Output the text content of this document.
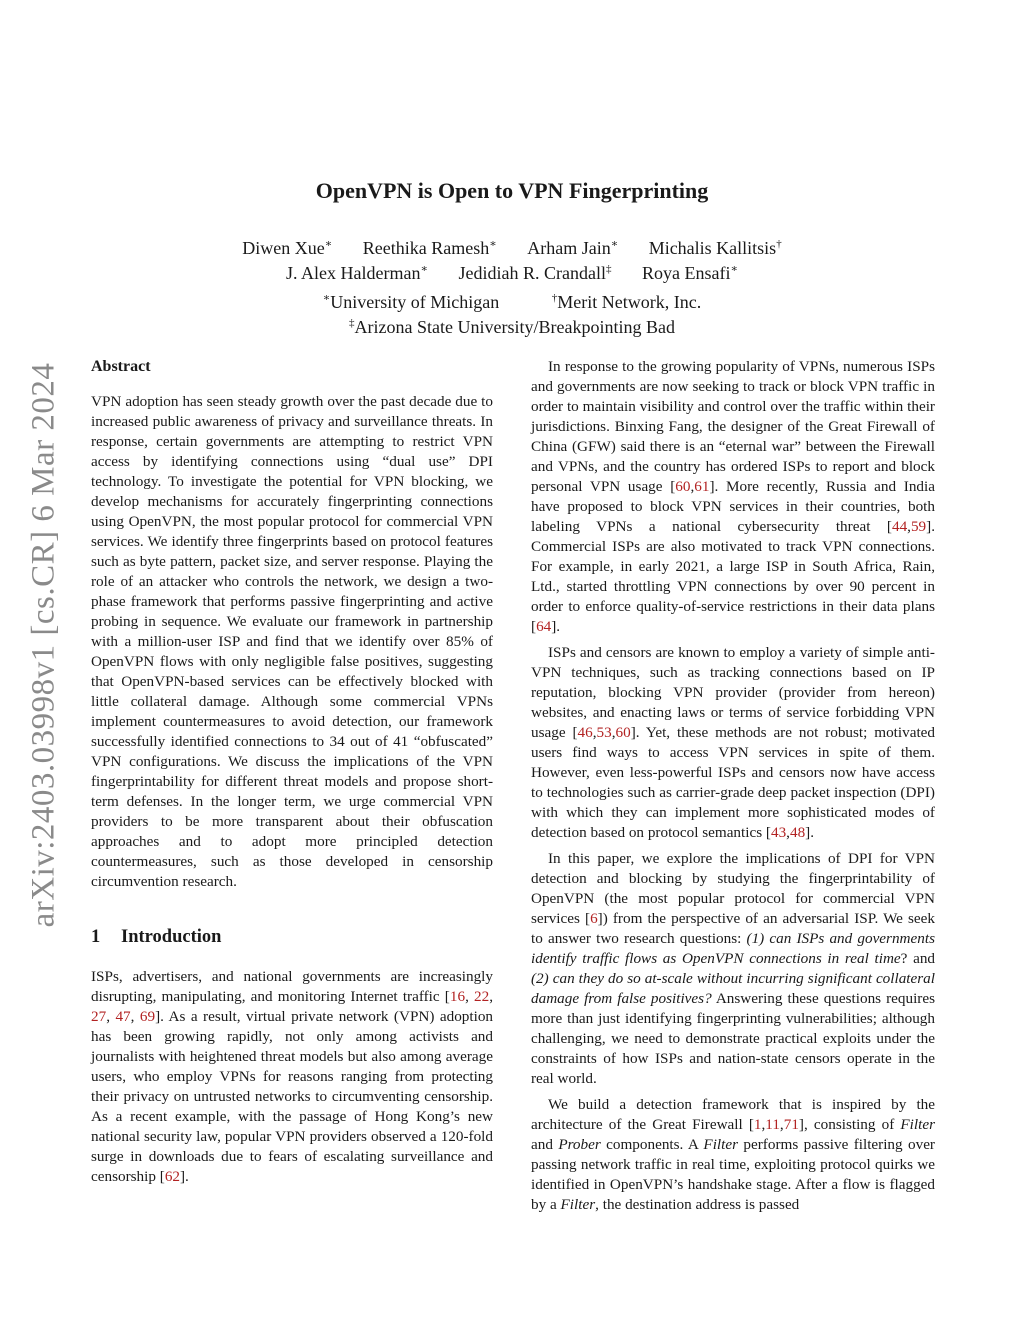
arXiv:2403.03998v1 [cs.CR] 6 Mar 2024
OpenVPN is Open to VPN Fingerprinting
Diwen Xue∗ Reethika Ramesh∗ Arham Jain∗ Michalis Kallitsis†
J. Alex Halderman∗ Jedidiah R. Crandall‡ Roya Ensafi∗
∗University of Michigan	†Merit Network, Inc.
‡Arizona State University/Breakpointing Bad
Abstract

VPN adoption has seen steady growth over the past decade due to increased public awareness of privacy and surveillance threats. In response, certain governments are attempting to restrict VPN access by identifying connections using “dual use” DPI technology. To investigate the potential for VPN blocking, we develop mechanisms for accurately fingerprinting connections using OpenVPN, the most popular protocol for commercial VPN services. We identify three fingerprints based on protocol features such as byte pattern, packet size, and server response. Playing the role of an attacker who controls the network, we design a two-phase framework that performs passive fingerprinting and active probing in sequence. We evaluate our framework in partnership with a million-user ISP and find that we identify over 85% of OpenVPN flows with only negligible false positives, suggesting that OpenVPN-based services can be effectively blocked with little collateral damage. Although some commercial VPNs implement countermeasures to avoid detection, our framework successfully identified connections to 34 out of 41 “obfuscated” VPN configurations. We discuss the implications of the VPN fingerprintability for different threat models and propose short-term defenses. In the longer term, we urge commercial VPN providers to be more transparent about their obfuscation approaches and to adopt more principled detection countermeasures, such as those developed in censorship circumvention research.

1 Introduction

ISPs, advertisers, and national governments are increasingly disrupting, manipulating, and monitoring Internet traffic [16, 22, 27, 47, 69]. As a result, virtual private network (VPN) adoption has been growing rapidly, not only among activists and journalists with heightened threat models but also among average users, who employ VPNs for reasons ranging from protecting their privacy on untrusted networks to circumventing censorship. As a recent example, with the passage of Hong Kong’s new national security law, popular VPN providers observed a 120-fold surge in downloads due to fears of escalating surveillance and censorship [62].

In response to the growing popularity of VPNs, numerous ISPs and governments are now seeking to track or block VPN traffic in order to maintain visibility and control over the traffic within their jurisdictions. Binxing Fang, the designer of the Great Firewall of China (GFW) said there is an “eternal war” between the Firewall and VPNs, and the country has ordered ISPs to report and block personal VPN usage [60,61]. More recently, Russia and India have proposed to block VPN services in their countries, both labeling VPNs a national cybersecurity threat [44,59]. Commercial ISPs are also motivated to track VPN connections. For example, in early 2021, a large ISP in South Africa, Rain, Ltd., started throttling VPN connections by over 90 percent in order to enforce quality-of-service restrictions in their data plans [64].

ISPs and censors are known to employ a variety of simple anti-VPN techniques, such as tracking connections based on IP reputation, blocking VPN provider (provider from hereon) websites, and enacting laws or terms of service forbidding VPN usage [46,53,60]. Yet, these methods are not robust; motivated users find ways to access VPN services in spite of them. However, even less-powerful ISPs and censors now have access to technologies such as carrier-grade deep packet inspection (DPI) with which they can implement more sophisticated modes of detection based on protocol semantics [43,48].

In this paper, we explore the implications of DPI for VPN detection and blocking by studying the fingerprintability of OpenVPN (the most popular protocol for commercial VPN services [6]) from the perspective of an adversarial ISP. We seek to answer two research questions: (1) can ISPs and governments identify traffic flows as OpenVPN connections in real time? and (2) can they do so at-scale without incurring significant collateral damage from false positives? Answering these questions requires more than just identifying fingerprinting vulnerabilities; although challenging, we need to demonstrate practical exploits under the constraints of how ISPs and nation-state censors operate in the real world.

We build a detection framework that is inspired by the architecture of the Great Firewall [1,11,71], consisting of Filter and Prober components. A Filter performs passive filtering over passing network traffic in real time, exploiting protocol quirks we identified in OpenVPN’s handshake stage. After a flow is flagged by a Filter, the destination address is passed
